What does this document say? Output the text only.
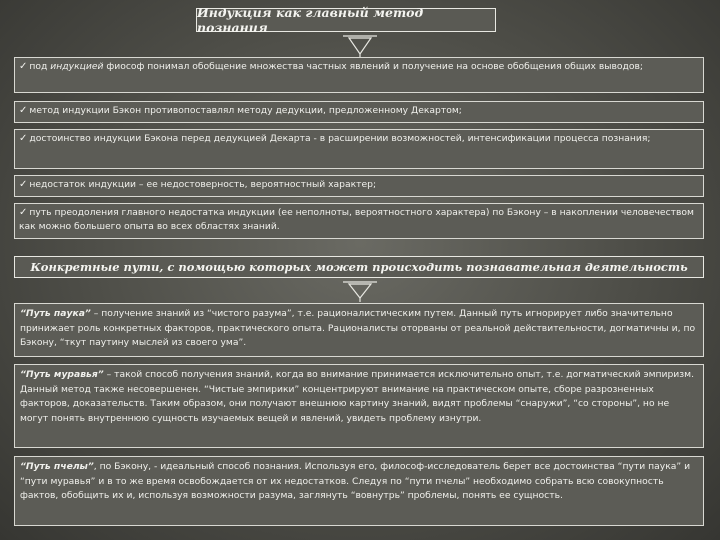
Индукция как главный метод познания
✓ под индукцией фиософ понимал обобщение множества частных явлений и получение на основе обобщения общих выводов;
✓ метод индукции Бэкон противопоставлял методу дедукции, предложенному Декартом;
✓ достоинство индукции Бэкона перед дедукцией Декарта - в расширении возможностей, интенсификации процесса познания;
✓ недостаток индукции – ее недостоверность, вероятностный характер;
✓ путь преодоления главного недостатка индукции (ее неполноты, вероятностного характера) по Бэкону – в накоплении человечеством как можно большего опыта во всех областях знаний.
Конкретные пути, с помощью которых может происходить познавательная деятельность
“Путь паука” – получение знаний из “чистого разума”, т.е. рационалистическим путем. Данный путь игнорирует либо значительно принижает роль конкретных факторов, практического опыта. Рационалисты оторваны от реальной действительности, догматичны и, по Бэкону, “ткут паутину мыслей из своего ума”.
“Путь муравья” – такой способ получения знаний, когда во внимание принимается исключительно опыт, т.е. догматический эмпиризм. Данный метод также несовершенен. “Чистые эмпирики” концентрируют внимание на практическом опыте, сборе разрозненных факторов, доказательств. Таким образом, они получают внешнюю картину знаний, видят проблемы “снаружи”, “со стороны”, но не могут понять внутреннюю сущность изучаемых вещей и явлений, увидеть проблему изнутри.
“Путь пчелы”, по Бэкону, - идеальный способ познания. Используя его, философ-исследователь берет все достоинства “пути паука” и “пути муравья” и в то же время освобождается от их недостатков. Следуя по “пути пчелы” необходимо собрать всю совокупность фактов, обобщить их и, используя возможности разума, заглянуть “вовнутрь” проблемы, понять ее сущность.
